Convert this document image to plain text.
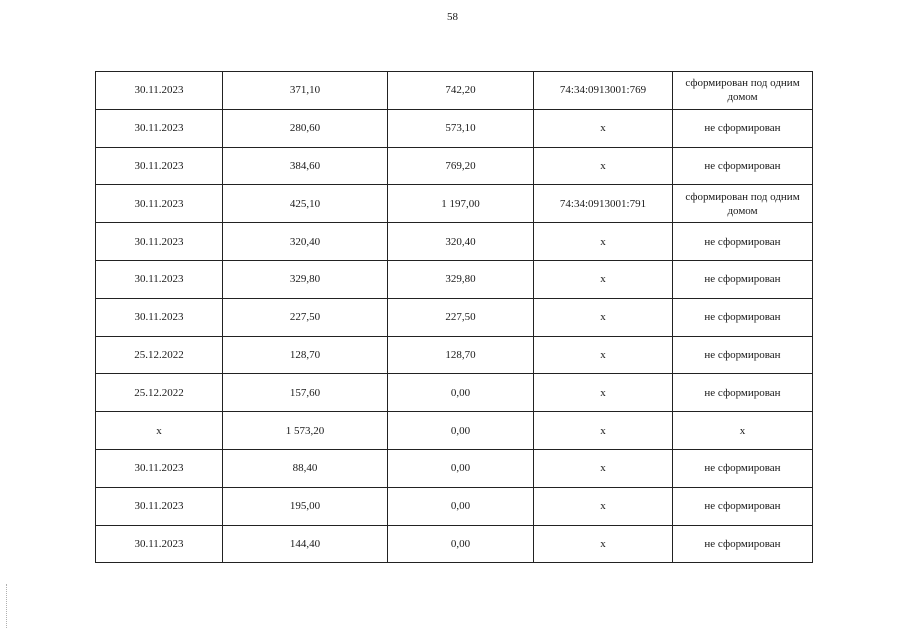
58
30.11.2023	371,10	742,20	74:34:0913001:769	сформирован под одним домом
30.11.2023	280,60	573,10	х	не сформирован
30.11.2023	384,60	769,20	х	не сформирован
30.11.2023	425,10	1 197,00	74:34:0913001:791	сформирован под одним домом
30.11.2023	320,40	320,40	х	не сформирован
30.11.2023	329,80	329,80	х	не сформирован
30.11.2023	227,50	227,50	х	не сформирован
25.12.2022	128,70	128,70	х	не сформирован
25.12.2022	157,60	0,00	х	не сформирован
х	1 573,20	0,00	х	х
30.11.2023	88,40	0,00	х	не сформирован
30.11.2023	195,00	0,00	х	не сформирован
30.11.2023	144,40	0,00	х	не сформирован
